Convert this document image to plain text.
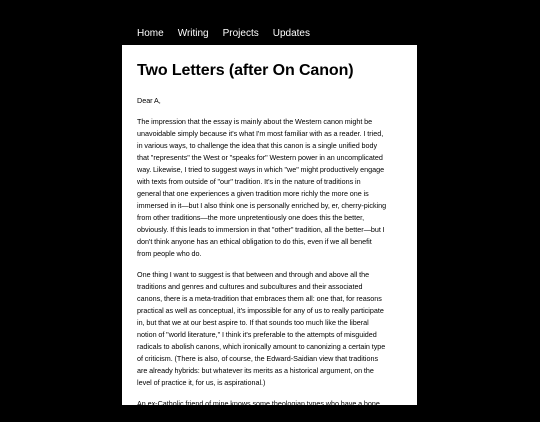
Home Writing Projects Updates
Two Letters (after On Canon)

Dear A,

The impression that the essay is mainly about the Western canon might be
unavoidable simply because it's what I'm most familiar with as a reader. I tried,
in various ways, to challenge the idea that this canon is a single unified body
that "represents" the West or "speaks for" Western power in an uncomplicated
way. Likewise, I tried to suggest ways in which "we" might productively engage
with texts from outside of "our" tradition. It's in the nature of traditions in
general that one experiences a given tradition more richly the more one is
immersed in it—but I also think one is personally enriched by, er, cherry-picking
from other traditions—the more unpretentiously one does this the better,
obviously. If this leads to immersion in that "other" tradition, all the better—but I
don't think anyone has an ethical obligation to do this, even if we all benefit
from people who do.

One thing I want to suggest is that between and through and above all the
traditions and genres and cultures and subcultures and their associated
canons, there is a meta-tradition that embraces them all: one that, for reasons
practical as well as conceptual, it's impossible for any of us to really participate
in, but that we at our best aspire to. If that sounds too much like the liberal
notion of "world literature," I think it's preferable to the attempts of misguided
radicals to abolish canons, which ironically amount to canonizing a certain type
of criticism. (There is also, of course, the Edward-Saidian view that traditions
are already hybrids: but whatever its merits as a historical argument, on the
level of practice it, for us, is aspirational.)

An ex-Catholic friend of mine knows some theologian types who have a bone
to pick with me about the problem of the canon being already in the past...
